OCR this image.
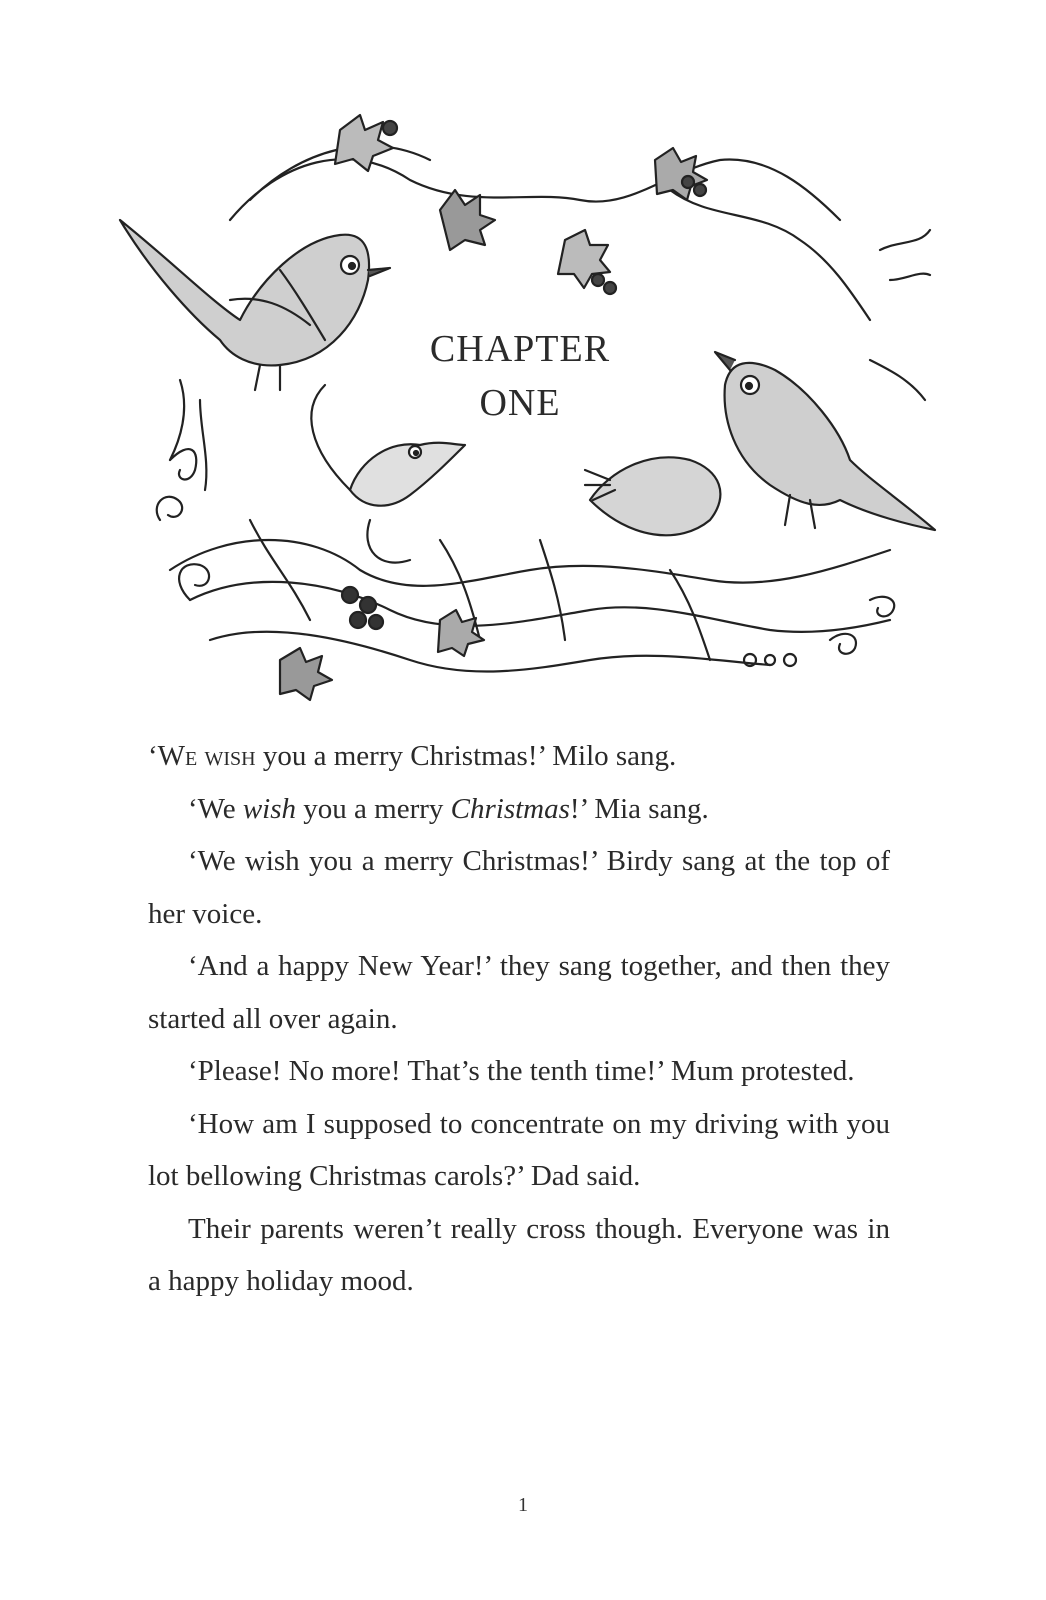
CHAPTER
ONE

‘We wish you a merry Christmas!’ Milo sang.

‘We wish you a merry Christmas!’ Mia sang.

‘We wish you a merry Christmas!’ Birdy sang at the top of her voice.

‘And a happy New Year!’ they sang together, and then they started all over again.

‘Please! No more! That’s the tenth time!’ Mum protested.

‘How am I supposed to concentrate on my driving with you lot bellowing Christmas carols?’ Dad said.

Their parents weren’t really cross though. Everyone was in a happy holiday mood.

1
